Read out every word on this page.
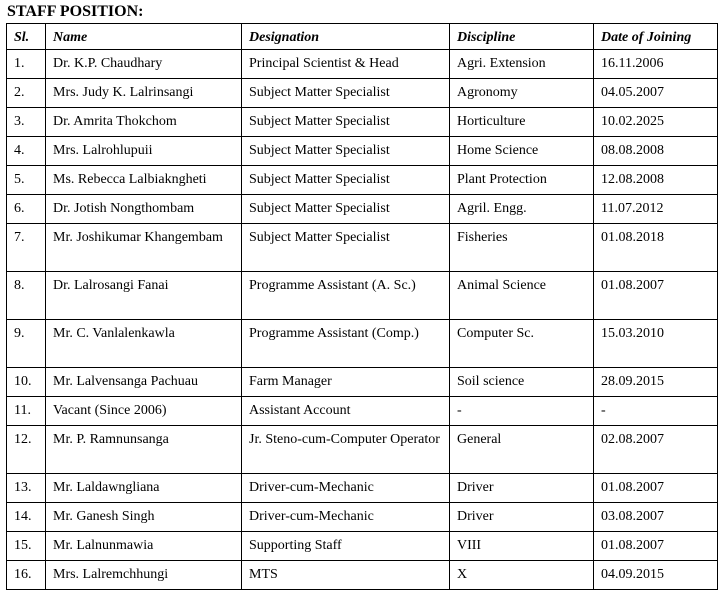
STAFF POSITION:
Sl.	Name	Designation	Discipline	Date of Joining
1.	Dr. K.P. Chaudhary	Principal Scientist & Head	Agri. Extension	16.11.2006
2.	Mrs. Judy K. Lalrinsangi	Subject Matter Specialist	Agronomy	04.05.2007
3.	Dr. Amrita Thokchom	Subject Matter Specialist	Horticulture	10.02.2025
4.	Mrs. Lalrohlupuii	Subject Matter Specialist	Home Science	08.08.2008
5.	Ms. Rebecca Lalbiakngheti	Subject Matter Specialist	Plant Protection	12.08.2008
6.	Dr. Jotish Nongthombam	Subject Matter Specialist	Agril. Engg.	11.07.2012
7.	Mr. Joshikumar Khangembam	Subject Matter Specialist	Fisheries	01.08.2018
8.	Dr. Lalrosangi Fanai	Programme Assistant (A. Sc.)	Animal Science	01.08.2007
9.	Mr. C. Vanlalenkawla	Programme Assistant (Comp.)	Computer Sc.	15.03.2010
10.	Mr. Lalvensanga Pachuau	Farm Manager	Soil science	28.09.2015
11.	Vacant (Since 2006)	Assistant Account	-	-
12.	Mr. P. Ramnunsanga	Jr. Steno-cum-Computer Operator	General	02.08.2007
13.	Mr. Laldawngliana	Driver-cum-Mechanic	Driver	01.08.2007
14.	Mr. Ganesh Singh	Driver-cum-Mechanic	Driver	03.08.2007
15.	Mr. Lalnunmawia	Supporting Staff	VIII	01.08.2007
16.	Mrs. Lalremchhungi	MTS	X	04.09.2015
